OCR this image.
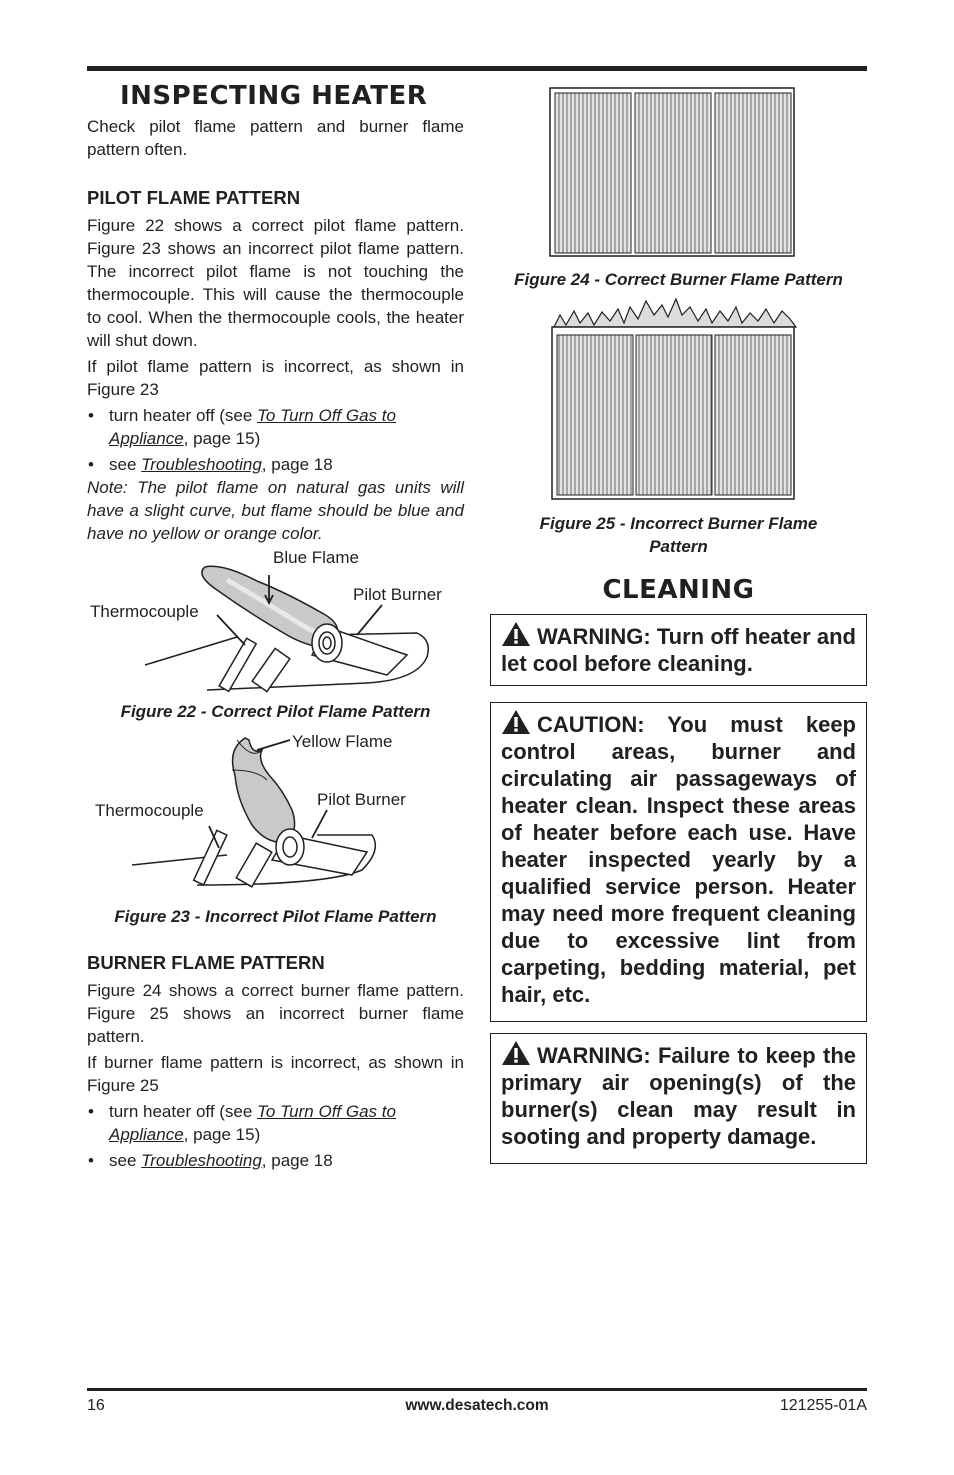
INSPECTING HEATER

Check pilot flame pattern and burner flame pattern often.

PILOT FLAME PATTERN

Figure 22 shows a correct pilot flame pattern. Figure 23 shows an incorrect pilot flame pattern. The incorrect pilot flame is not touching the thermocouple. This will cause the thermocouple to cool. When the thermocouple cools, the heater will shut down.

If pilot flame pattern is incorrect, as shown in Figure 23

• turn heater off (see To Turn Off Gas to Appliance, page 15)
• see Troubleshooting, page 18

Note: The pilot flame on natural gas units will have a slight curve, but flame should be blue and have no yellow or orange color.

Blue Flame
Pilot Burner
Thermocouple
Figure 22 - Correct Pilot Flame Pattern
Yellow Flame
Pilot Burner
Thermocouple
Figure 23 - Incorrect Pilot Flame Pattern
BURNER FLAME PATTERN

Figure 24 shows a correct burner flame pattern. Figure 25 shows an incorrect burner flame pattern.

If burner flame pattern is incorrect, as shown in Figure 25

• turn heater off (see To Turn Off Gas to Appliance, page 15)
• see Troubleshooting, page 18
Figure 24 - Correct Burner Flame Pattern
Figure 25 - Incorrect Burner Flame Pattern
CLEANING
WARNING: Turn off heater and let cool before cleaning.
CAUTION: You must keep control areas, burner and circulating air passageways of heater clean. Inspect these areas of heater before each use. Have heater inspected yearly by a qualified service person. Heater may need more frequent cleaning due to excessive lint from carpeting, bedding material, pet hair, etc.
WARNING: Failure to keep the primary air opening(s) of the burner(s) clean may result in sooting and property damage.
16	www.desatech.com	121255-01A
